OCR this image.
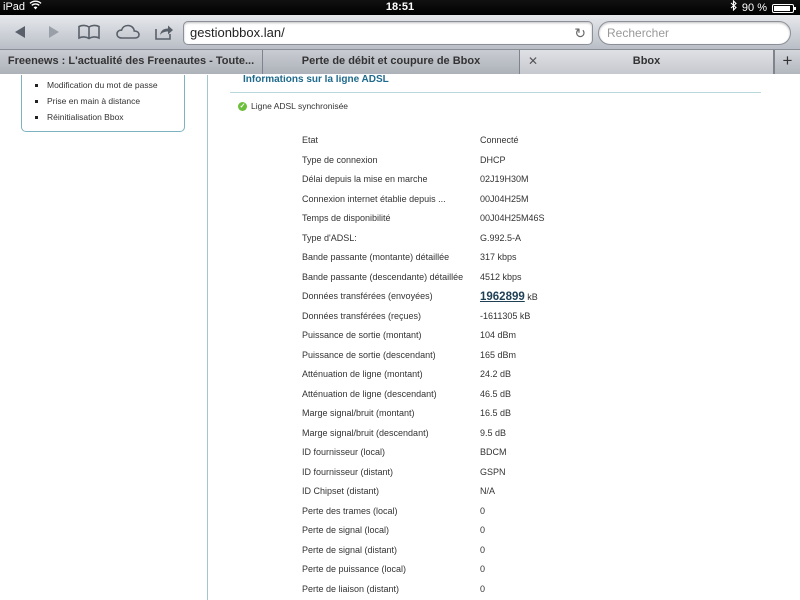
iPad	18:51	90 %
gestionbbox.lan/	↻	Rechercher
Freenews : L'actualité des Freenautes - Toute...	Perte de débit et coupure de Bbox	✕	Bbox	+
Modification du mot de passe
Prise en main à distance
Réinitialisation Bbox
Informations sur la ligne ADSL
✓ Ligne ADSL synchronisée
Etat	Connecté
Type de connexion	DHCP
Délai depuis la mise en marche	02J19H30M
Connexion internet établie depuis ...	00J04H25M
Temps de disponibilité	00J04H25M46S
Type d'ADSL:	G.992.5-A
Bande passante (montante) détaillée	317 kbps
Bande passante (descendante) détaillée	4512 kbps
Données transférées (envoyées)	1962899 kB
Données transférées (reçues)	-1611305 kB
Puissance de sortie (montant)	104 dBm
Puissance de sortie (descendant)	165 dBm
Atténuation de ligne (montant)	24.2 dB
Atténuation de ligne (descendant)	46.5 dB
Marge signal/bruit (montant)	16.5 dB
Marge signal/bruit (descendant)	9.5 dB
ID fournisseur (local)	BDCM
ID fournisseur (distant)	GSPN
ID Chipset (distant)	N/A
Perte des trames (local)	0
Perte de signal (local)	0
Perte de signal (distant)	0
Perte de puissance (local)	0
Perte de liaison (distant)	0
